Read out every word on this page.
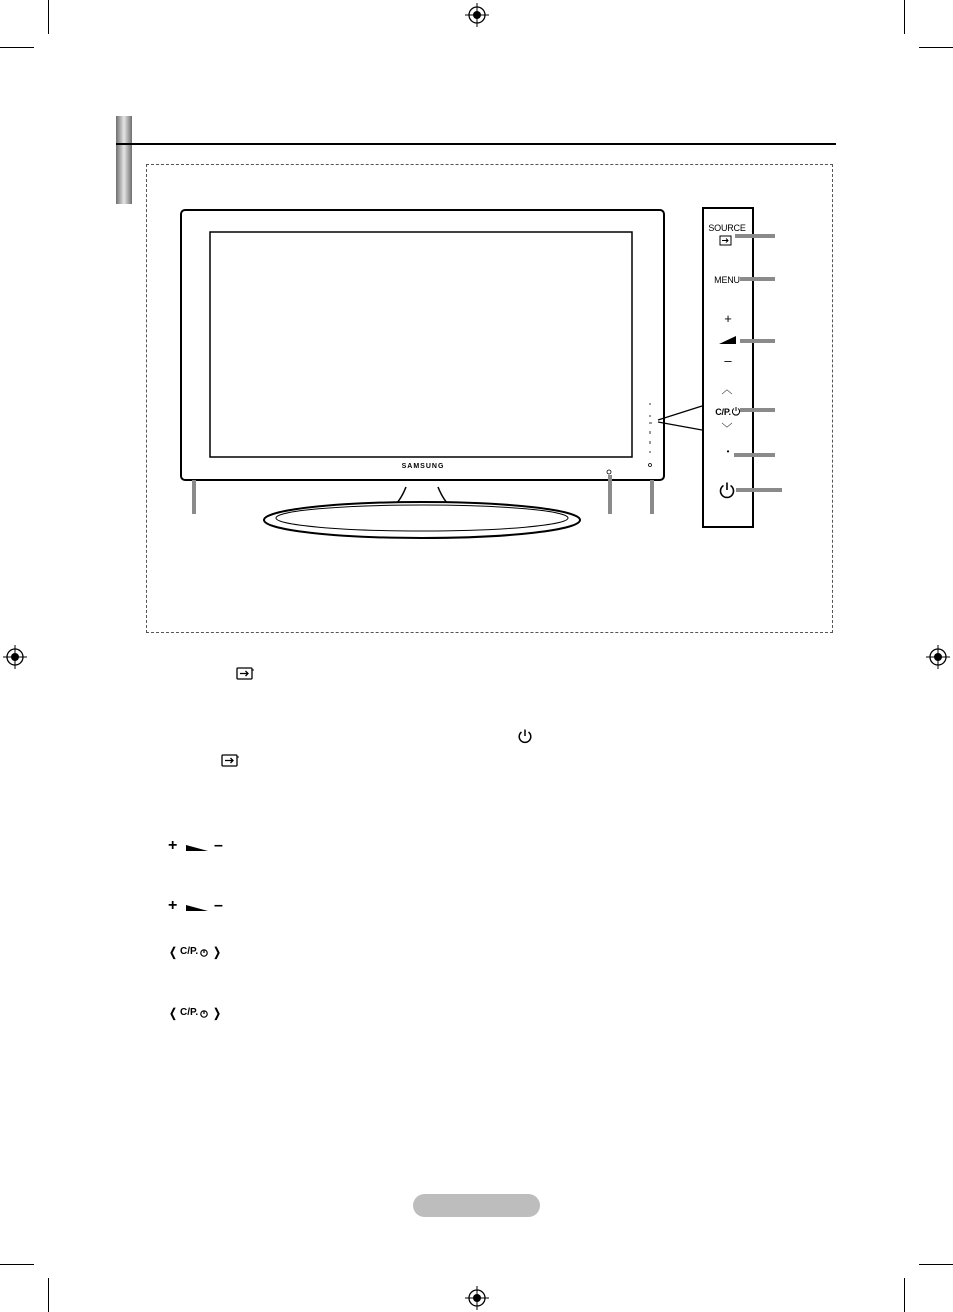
SAMSUNG
SOURCE
MENU
+
–
︿
C/P.
﹀
•
+ –
+ –
❬ C/P. ❭
❬ C/P. ❭
